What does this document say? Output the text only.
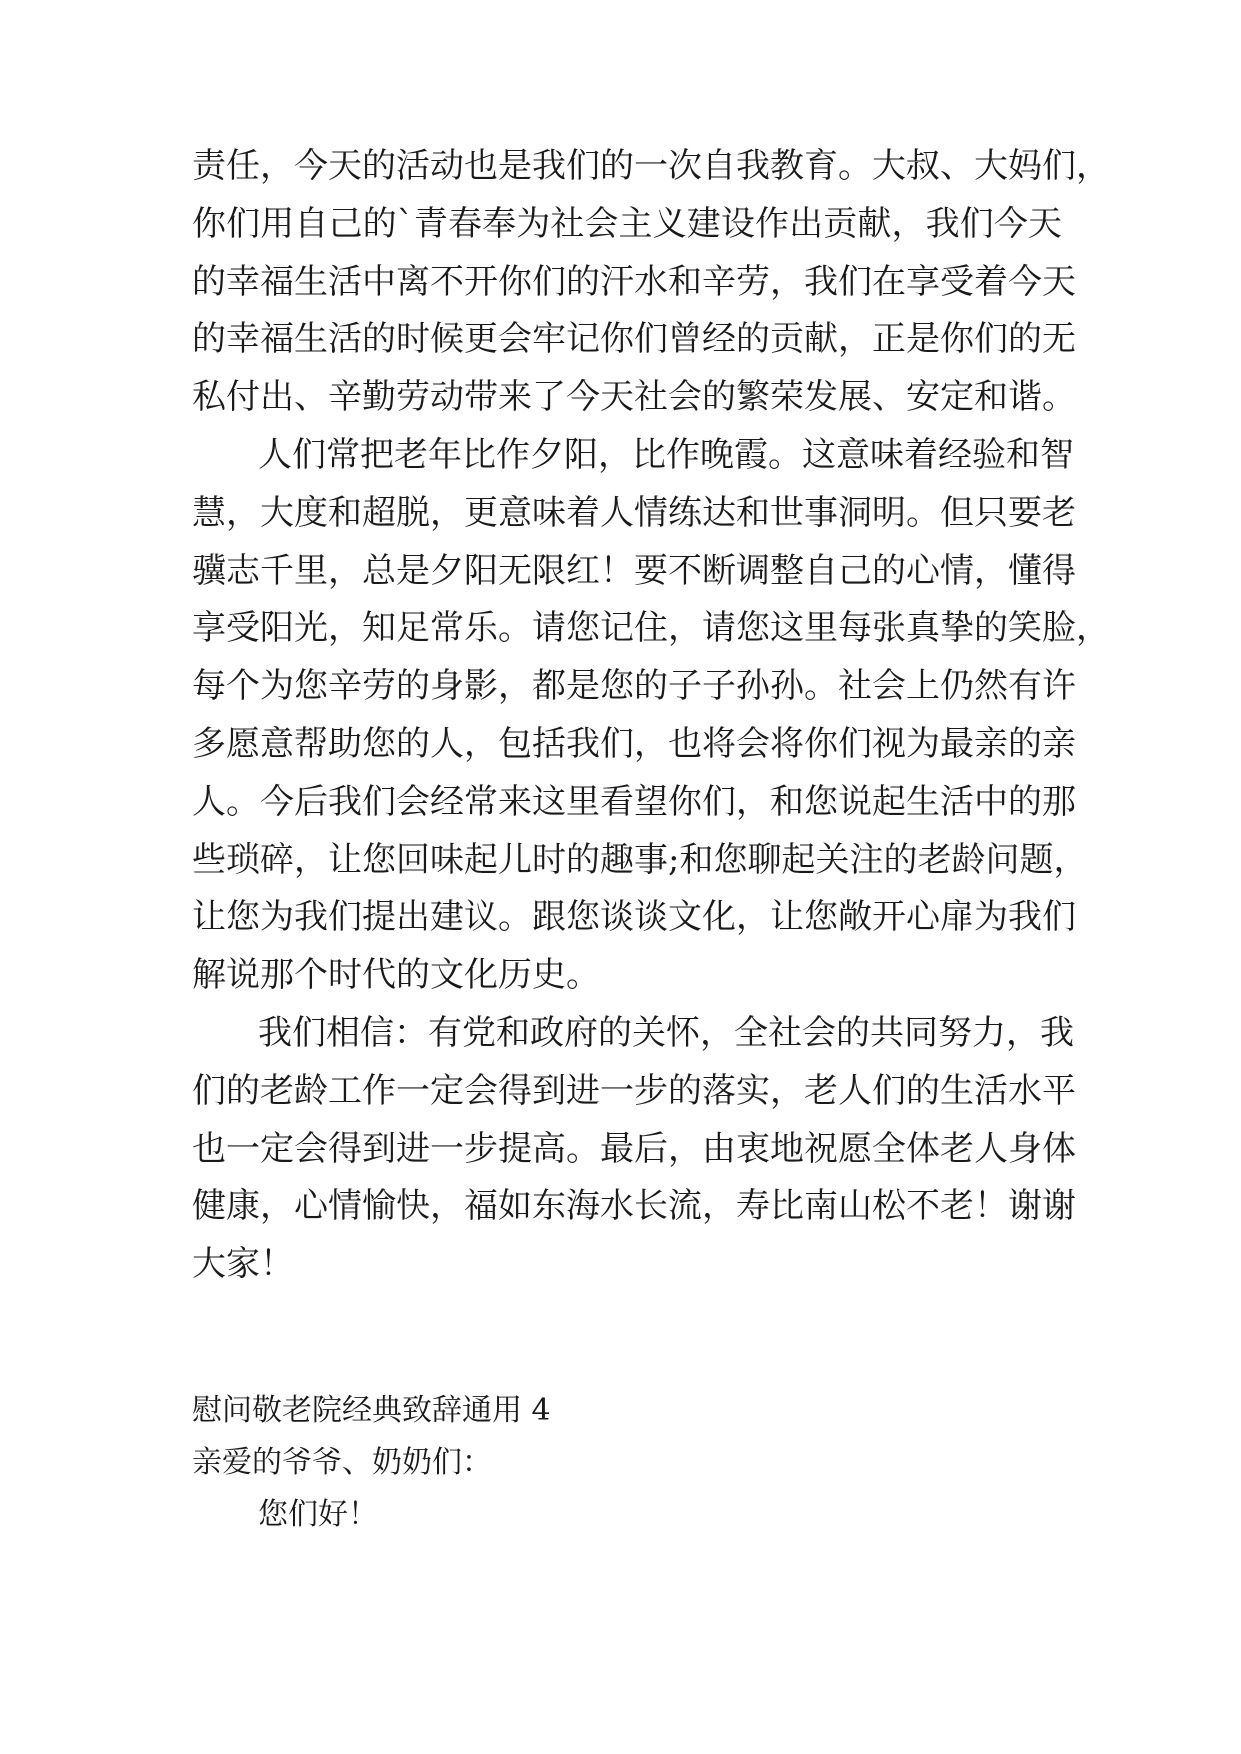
责任，今天的活动也是我们的一次自我教育。大叔、大妈们，
你们用自己的`青春奉为社会主义建设作出贡献，我们今天
的幸福生活中离不开你们的汗水和辛劳，我们在享受着今天
的幸福生活的时候更会牢记你们曾经的贡献，正是你们的无
私付出、辛勤劳动带来了今天社会的繁荣发展、安定和谐。
人们常把老年比作夕阳，比作晚霞。这意味着经验和智
慧，大度和超脱，更意味着人情练达和世事洞明。但只要老
骥志千里，总是夕阳无限红！要不断调整自己的心情，懂得
享受阳光，知足常乐。请您记住，请您这里每张真挚的笑脸，
每个为您辛劳的身影，都是您的子子孙孙。社会上仍然有许
多愿意帮助您的人，包括我们，也将会将你们视为最亲的亲
人。今后我们会经常来这里看望你们，和您说起生活中的那
些琐碎，让您回味起儿时的趣事;和您聊起关注的老龄问题，
让您为我们提出建议。跟您谈谈文化，让您敞开心扉为我们
解说那个时代的文化历史。
我们相信：有党和政府的关怀，全社会的共同努力，我
们的老龄工作一定会得到进一步的落实，老人们的生活水平
也一定会得到进一步提高。最后，由衷地祝愿全体老人身体
健康，心情愉快，福如东海水长流，寿比南山松不老！谢谢
大家！
慰问敬老院经典致辞通用 4
亲爱的爷爷、奶奶们：
您们好！
